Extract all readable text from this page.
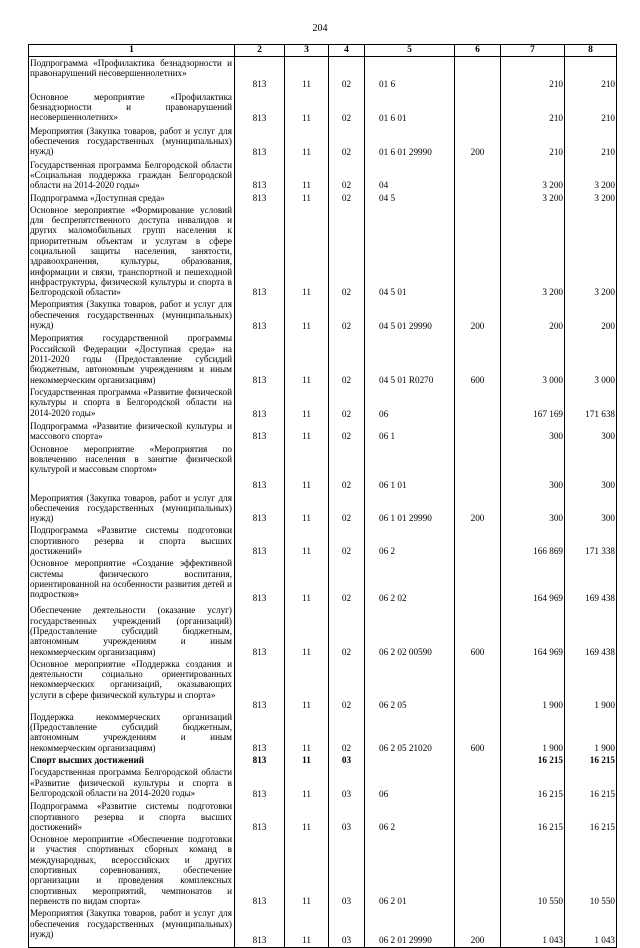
204
1	2	3	4	5	6	7	8
Подпрограмма «Профилактика безнадзорности и правонарушений несовершеннолетних»	813	11	02	01 6		210	210
Основное мероприятие «Профилактика безнадзорности и правонарушений несовершеннолетних»	813	11	02	01 6 01		210	210
Мероприятия (Закупка товаров, работ и услуг для обеспечения государственных (муниципальных) нужд)	813	11	02	01 6 01 29990	200	210	210
Государственная программа Белгородской области «Социальная поддержка граждан Белгородской области на 2014-2020 годы»	813	11	02	04		3 200	3 200
Подпрограмма «Доступная среда»	813	11	02	04 5		3 200	3 200
Основное мероприятие «Формирование условий для беспрепятственного доступа инвалидов и других маломобильных групп населения к приоритетным объектам и услугам в сфере социальной защиты населения, занятости, здравоохранения, культуры, образования, информации и связи, транспортной и пешеходной инфраструктуры, физической культуры и спорта в Белгородской области»	813	11	02	04 5 01		3 200	3 200
Мероприятия (Закупка товаров, работ и услуг для обеспечения государственных (муниципальных) нужд)	813	11	02	04 5 01 29990	200	200	200
Мероприятия государственной программы Российской Федерации «Доступная среда» на 2011-2020 годы (Предоставление субсидий бюджетным, автономным учреждениям и иным некоммерческим организациям)	813	11	02	04 5 01 R0270	600	3 000	3 000
Государственная программа «Развитие физической культуры и спорта в Белгородской области на 2014-2020 годы»	813	11	02	06		167 169	171 638
Подпрограмма «Развитие физической культуры и массового спорта»	813	11	02	06 1		300	300
Основное мероприятие «Мероприятия по вовлечению населения в занятие физической культурой и массовым спортом»	813	11	02	06 1 01		300	300
Мероприятия (Закупка товаров, работ и услуг для обеспечения государственных (муниципальных) нужд)	813	11	02	06 1 01 29990	200	300	300
Подпрограмма «Развитие системы подготовки спортивного резерва и спорта высших достижений»	813	11	02	06 2		166 869	171 338
Основное мероприятие «Создание эффективной системы физического воспитания, ориентированной на особенности развития детей и подростков»	813	11	02	06 2 02		164 969	169 438
Обеспечение деятельности (оказание услуг) государственных учреждений (организаций) (Предоставление субсидий бюджетным, автономным учреждениям и иным некоммерческим организациям)	813	11	02	06 2 02 00590	600	164 969	169 438
Основное мероприятие «Поддержка создания и деятельности социально ориентированных некоммерческих организаций, оказывающих услуги в сфере физической культуры и спорта»	813	11	02	06 2 05		1 900	1 900
Поддержка некоммерческих организаций (Предоставление субсидий бюджетным, автономным учреждениям и иным некоммерческим организациям)	813	11	02	06 2 05 21020	600	1 900	1 900
Спорт высших достижений	813	11	03			16 215	16 215
Государственная программа Белгородской области «Развитие физической культуры и спорта в Белгородской области на 2014-2020 годы»	813	11	03	06		16 215	16 215
Подпрограмма «Развитие системы подготовки спортивного резерва и спорта высших достижений»	813	11	03	06 2		16 215	16 215
Основное мероприятие «Обеспечение подготовки и участия спортивных сборных команд в международных, всероссийских и других спортивных соревнованиях, обеспечение организации и проведения комплексных спортивных мероприятий, чемпионатов и первенств по видам спорта»	813	11	03	06 2 01		10 550	10 550
Мероприятия (Закупка товаров, работ и услуг для обеспечения государственных (муниципальных) нужд)	813	11	03	06 2 01 29990	200	1 043	1 043
